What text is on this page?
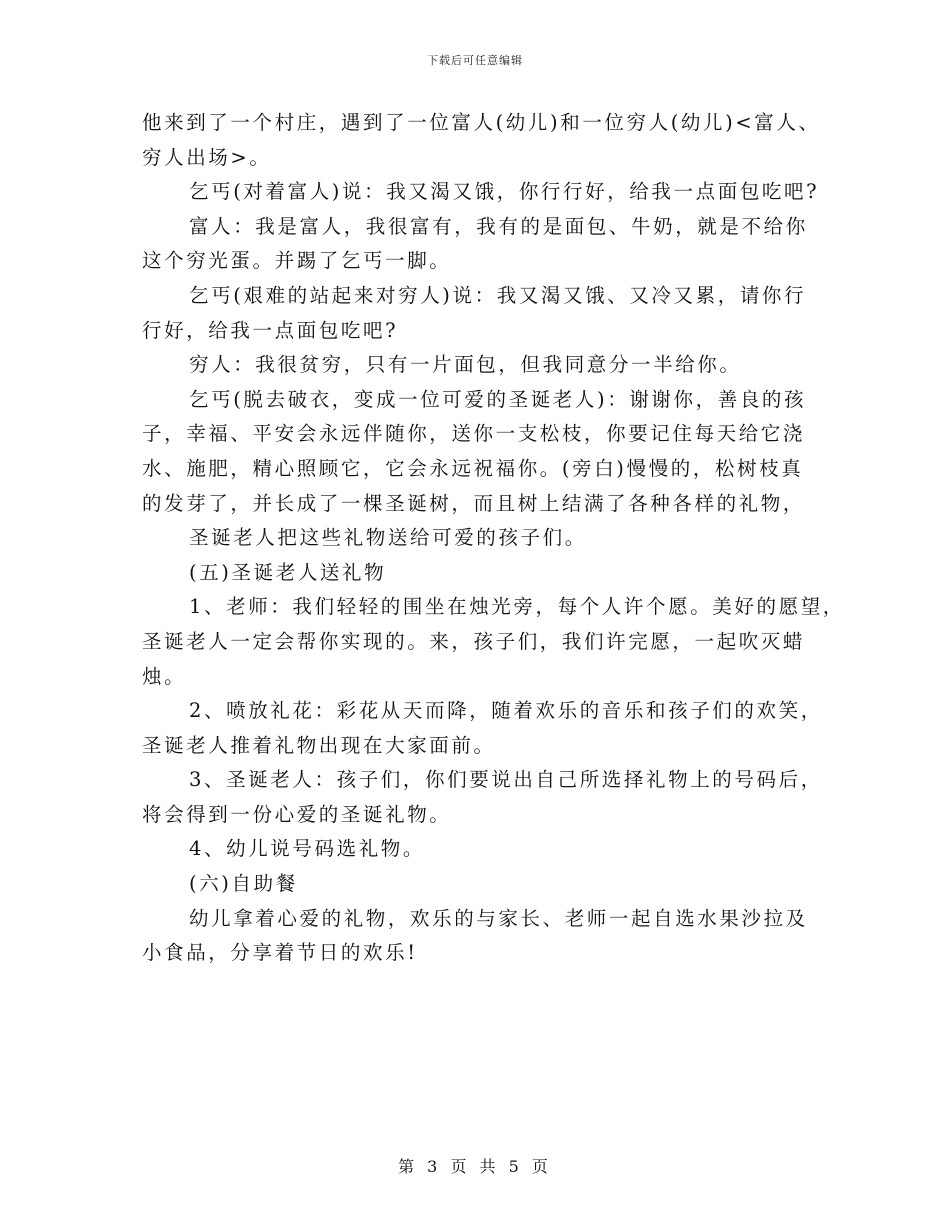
下载后可任意编辑
他来到了一个村庄，遇到了一位富人(幼儿)和一位穷人(幼儿)<富人、
穷人出场>。
乞丐(对着富人)说：我又渴又饿，你行行好，给我一点面包吃吧?
富人：我是富人，我很富有，我有的是面包、牛奶，就是不给你
这个穷光蛋。并踢了乞丐一脚。
乞丐(艰难的站起来对穷人)说：我又渴又饿、又冷又累，请你行
行好，给我一点面包吃吧?
穷人：我很贫穷，只有一片面包，但我同意分一半给你。
乞丐(脱去破衣，变成一位可爱的圣诞老人)：谢谢你，善良的孩
子，幸福、平安会永远伴随你，送你一支松枝，你要记住每天给它浇
水、施肥，精心照顾它，它会永远祝福你。(旁白)慢慢的，松树枝真
的发芽了，并长成了一棵圣诞树，而且树上结满了各种各样的礼物，
圣诞老人把这些礼物送给可爱的孩子们。
(五)圣诞老人送礼物
1、老师：我们轻轻的围坐在烛光旁，每个人许个愿。美好的愿望，
圣诞老人一定会帮你实现的。来，孩子们，我们许完愿，一起吹灭蜡
烛。
2、喷放礼花：彩花从天而降，随着欢乐的音乐和孩子们的欢笑，
圣诞老人推着礼物出现在大家面前。
3、圣诞老人：孩子们，你们要说出自己所选择礼物上的号码后，
将会得到一份心爱的圣诞礼物。
4、幼儿说号码选礼物。
(六)自助餐
幼儿拿着心爱的礼物，欢乐的与家长、老师一起自选水果沙拉及
小食品，分享着节日的欢乐!
第 3 页 共 5 页
